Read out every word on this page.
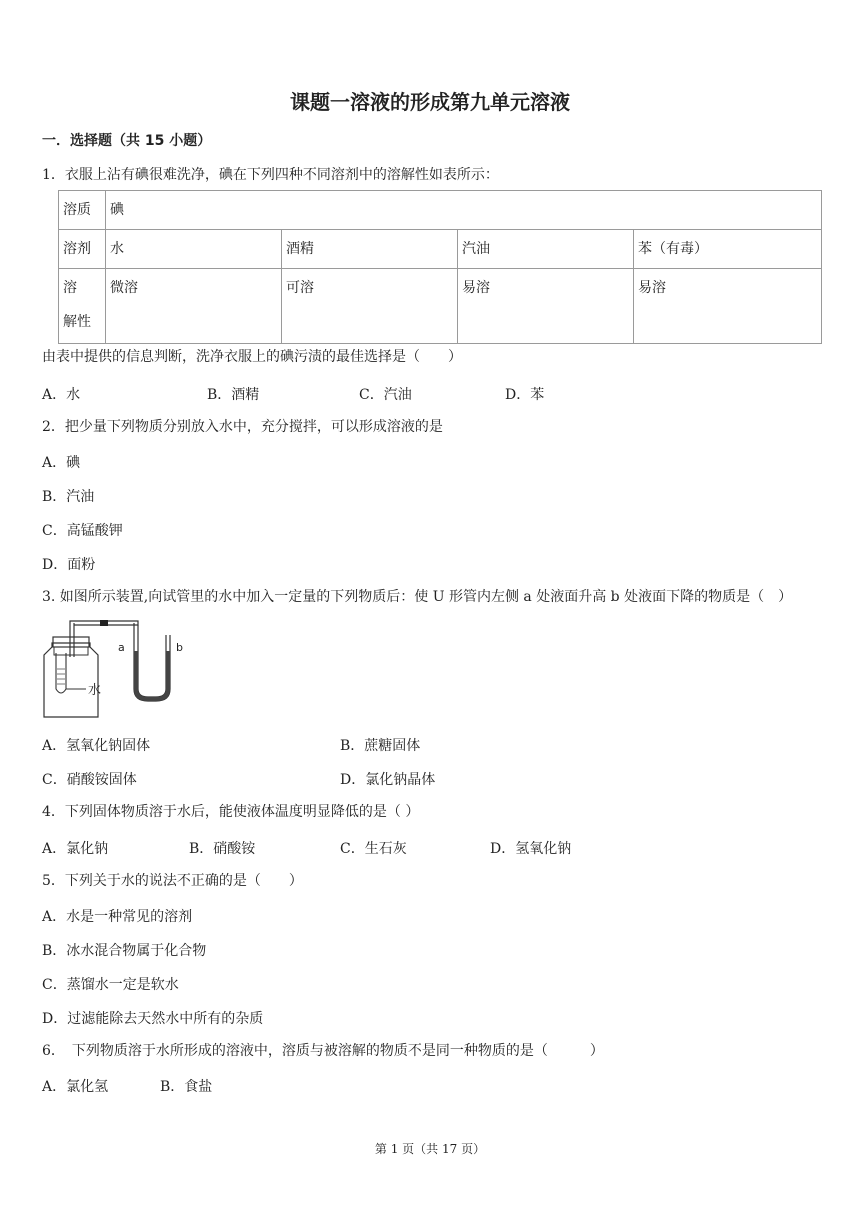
课题一溶液的形成第九单元溶液
一．选择题（共 15 小题）
1．衣服上沾有碘很难洗净，碘在下列四种不同溶剂中的溶解性如表所示：
溶质	碘			
溶剂	水	酒精	汽油	苯（有毒）
溶　解性	微溶	可溶	易溶	易溶
由表中提供的信息判断，洗净衣服上的碘污渍的最佳选择是（　　）
A．水	B．酒精	C．汽油	D．苯
2．把少量下列物质分别放入水中，充分搅拌，可以形成溶液的是
A．碘
B．汽油
C．高锰酸钾
D．面粉
3. 如图所示装置,向试管里的水中加入一定量的下列物质后：使 U 形管内左侧 a 处液面升高 b 处液面下降的物质是（　）
水
a	b
A．氢氧化钠固体	B．蔗糖固体
C．硝酸铵固体	D．氯化钠晶体
4．下列固体物质溶于水后，能使液体温度明显降低的是（ ）
A．氯化钠	B．硝酸铵	C．生石灰	D．氢氧化钠
5．下列关于水的说法不正确的是（　　）
A．水是一种常见的溶剂
B．冰水混合物属于化合物
C．蒸馏水一定是软水
D．过滤能除去天然水中所有的杂质
6．　下列物质溶于水所形成的溶液中，溶质与被溶解的物质不是同一种物质的是（　　　）
A．氯化氢	B．食盐
第 1 页（共 17 页）
